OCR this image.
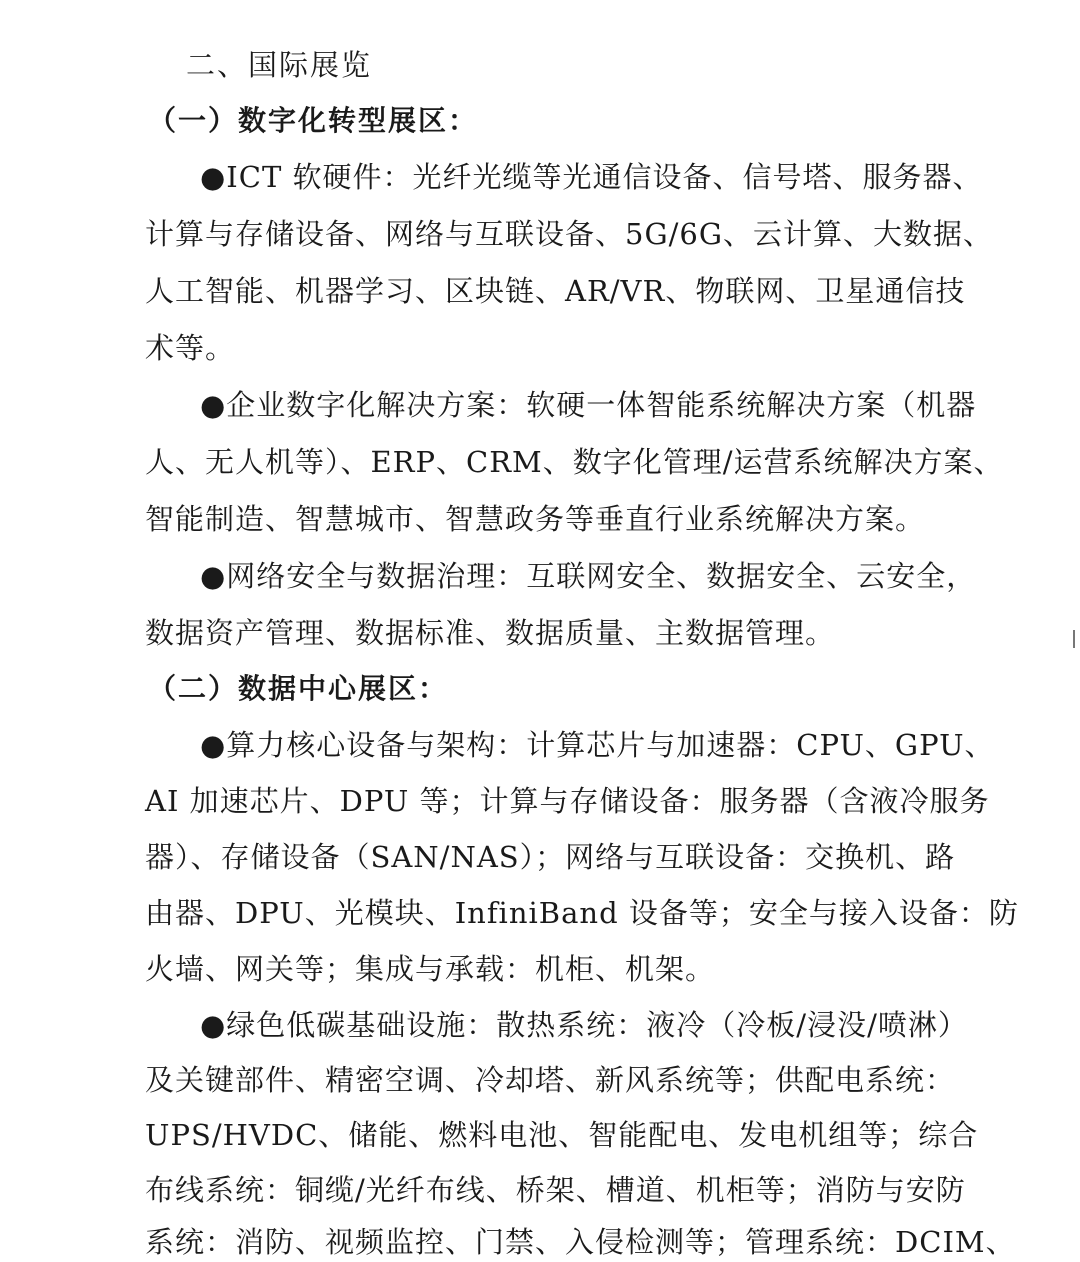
二、国际展览
（一）数字化转型展区：
●ICT 软硬件：光纤光缆等光通信设备、信号塔、服务器、
计算与存储设备、网络与互联设备、5G/6G、云计算、大数据、
人工智能、机器学习、区块链、AR/VR、物联网、卫星通信技
术等。
●企业数字化解决方案：软硬一体智能系统解决方案（机器
人、无人机等）、ERP、CRM、数字化管理/运营系统解决方案、
智能制造、智慧城市、智慧政务等垂直行业系统解决方案。
●网络安全与数据治理：互联网安全、数据安全、云安全，
数据资产管理、数据标准、数据质量、主数据管理。
（二）数据中心展区：
●算力核心设备与架构：计算芯片与加速器：CPU、GPU、
AI 加速芯片、DPU 等；计算与存储设备：服务器（含液冷服务
器）、存储设备（SAN/NAS）；网络与互联设备：交换机、路
由器、DPU、光模块、InfiniBand 设备等；安全与接入设备：防
火墙、网关等；集成与承载：机柜、机架。
●绿色低碳基础设施：散热系统：液冷（冷板/浸没/喷淋）
及关键部件、精密空调、冷却塔、新风系统等；供配电系统：
UPS/HVDC、储能、燃料电池、智能配电、发电机组等；综合
布线系统：铜缆/光纤布线、桥架、槽道、机柜等；消防与安防
系统：消防、视频监控、门禁、入侵检测等；管理系统：DCIM、
